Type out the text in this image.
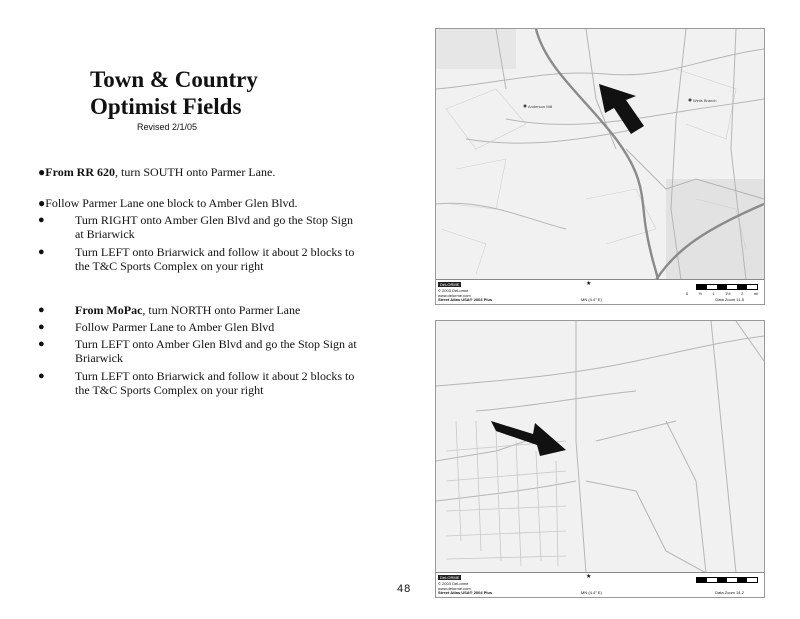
Town & Country
Optimist Fields
Revised 2/1/05
●From RR 620, turn SOUTH onto Parmer Lane.
●Follow Parmer Lane one block to Amber Glen Blvd.
● Turn RIGHT onto Amber Glen Blvd and go the Stop Sign
at Briarwick
● Turn LEFT onto Briarwick and follow it about 2 blocks to
the T&C Sports Complex on your right
● From MoPac, turn NORTH onto Parmer Lane
● Follow Parmer Lane to Amber Glen Blvd
● Turn LEFT onto Amber Glen Blvd and go the Stop Sign at
Briarwick
● Turn LEFT onto Briarwick and follow it about 2 blocks to
the T&C Sports Complex on your right
48
Anderson Mill
Wells Branch
DeLORME
© 2003 DeLorme
www.delorme.com
Street Atlas USA® 2004 Plus
★
MN (4.4° E)
0	½	1	1½	2	mi
Data Zoom 11-5
DeLORME
© 2003 DeLorme
www.delorme.com
Street Atlas USA® 2004 Plus
★
MN (4.4° E)	Data Zoom 14-2
